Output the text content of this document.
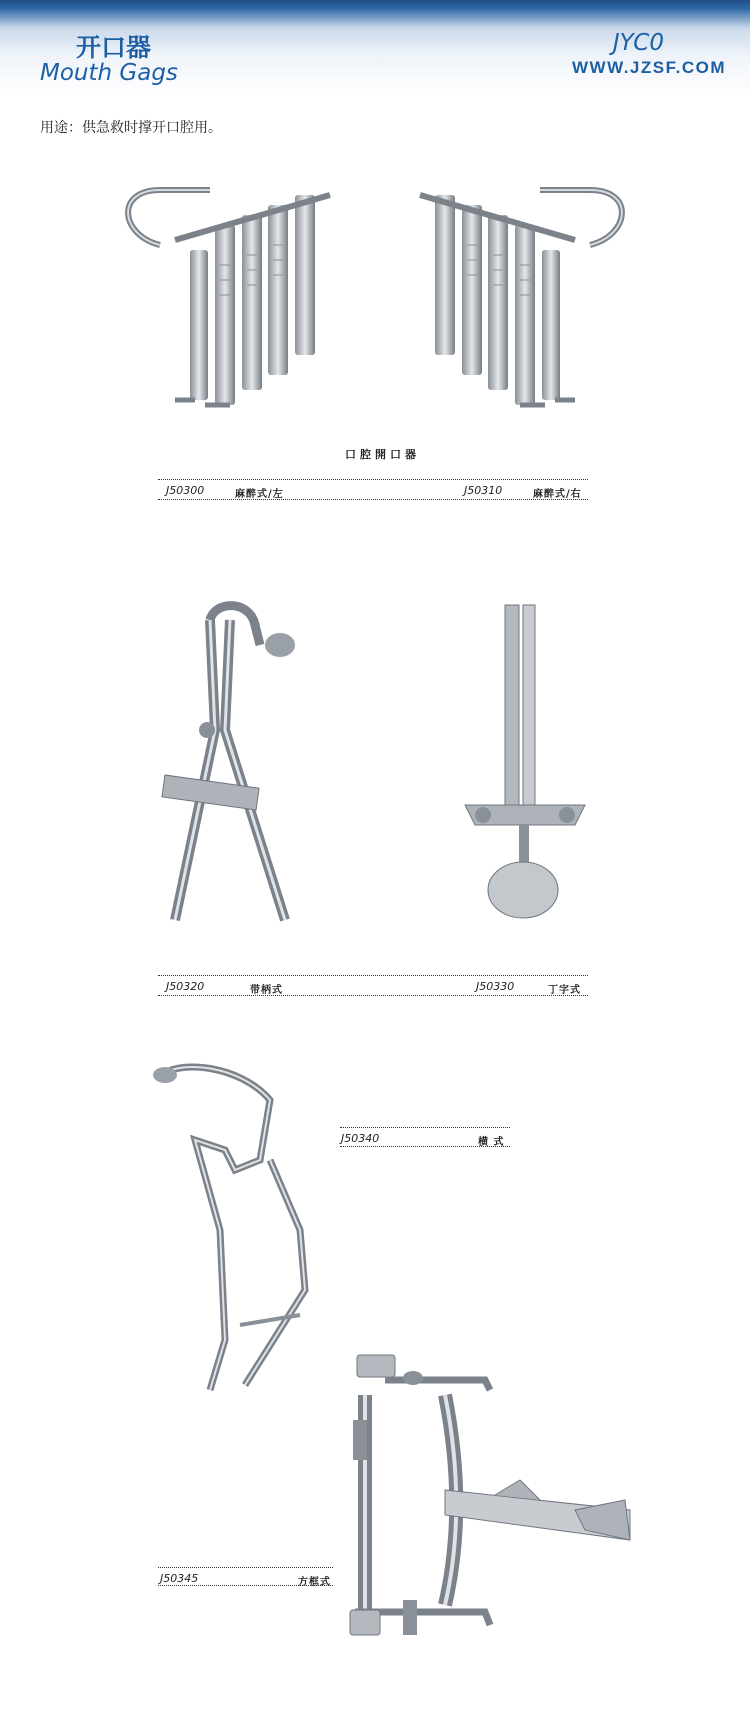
开口器
Mouth Gags
JYC0
WWW.JZSF.COM
用途：供急救时撑开口腔用。
口腔開口器
J50300	麻醉式/左	J50310	麻醉式/右
J50320	带柄式	J50330	丁字式
J50340	横 式
J50345	方框式
